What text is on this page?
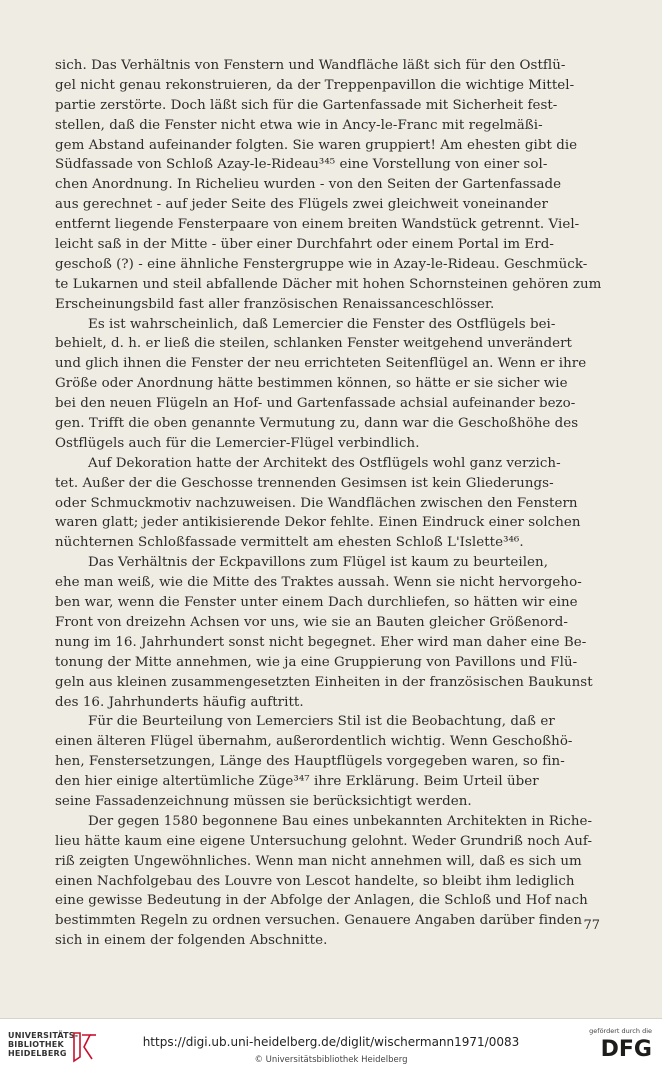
sich. Das Verhältnis von Fenstern und Wandfläche läßt sich für den Ostflü-
gel nicht genau rekonstruieren, da der Treppenpavillon die wichtige Mittel-
partie zerstörte. Doch läßt sich für die Gartenfassade mit Sicherheit fest-
stellen, daß die Fenster nicht etwa wie in Ancy-le-Franc mit regelmäßi-
gem Abstand aufeinander folgten. Sie waren gruppiert! Am ehesten gibt die
Südfassade von Schloß Azay-le-Rideau³⁴⁵ eine Vorstellung von einer sol-
chen Anordnung. In Richelieu wurden - von den Seiten der Gartenfassade
aus gerechnet - auf jeder Seite des Flügels zwei gleichweit voneinander
entfernt liegende Fensterpaare von einem breiten Wandstück getrennt. Viel-
leicht saß in der Mitte - über einer Durchfahrt oder einem Portal im Erd-
geschoß (?) - eine ähnliche Fenstergruppe wie in Azay-le-Rideau. Geschmück-
te Lukarnen und steil abfallende Dächer mit hohen Schornsteinen gehören zum
Erscheinungsbild fast aller französischen Renaissanceschlösser.
Es ist wahrscheinlich, daß Lemercier die Fenster des Ostflügels bei-
behielt, d. h. er ließ die steilen, schlanken Fenster weitgehend unverändert
und glich ihnen die Fenster der neu errichteten Seitenflügel an. Wenn er ihre
Größe oder Anordnung hätte bestimmen können, so hätte er sie sicher wie
bei den neuen Flügeln an Hof- und Gartenfassade achsial aufeinander bezo-
gen. Trifft die oben genannte Vermutung zu, dann war die Geschoßhöhe des
Ostflügels auch für die Lemercier-Flügel verbindlich.
Auf Dekoration hatte der Architekt des Ostflügels wohl ganz verzich-
tet. Außer der die Geschosse trennenden Gesimsen ist kein Gliederungs-
oder Schmuckmotiv nachzuweisen. Die Wandflächen zwischen den Fenstern
waren glatt; jeder antikisierende Dekor fehlte. Einen Eindruck einer solchen
nüchternen Schloßfassade vermittelt am ehesten Schloß L'Islette³⁴⁶.
Das Verhältnis der Eckpavillons zum Flügel ist kaum zu beurteilen,
ehe man weiß, wie die Mitte des Traktes aussah. Wenn sie nicht hervorgeho-
ben war, wenn die Fenster unter einem Dach durchliefen, so hätten wir eine
Front von dreizehn Achsen vor uns, wie sie an Bauten gleicher Größenord-
nung im 16. Jahrhundert sonst nicht begegnet. Eher wird man daher eine Be-
tonung der Mitte annehmen, wie ja eine Gruppierung von Pavillons und Flü-
geln aus kleinen zusammengesetzten Einheiten in der französischen Baukunst
des 16. Jahrhunderts häufig auftritt.
Für die Beurteilung von Lemerciers Stil ist die Beobachtung, daß er
einen älteren Flügel übernahm, außerordentlich wichtig. Wenn Geschoßhö-
hen, Fenstersetzungen, Länge des Hauptflügels vorgegeben waren, so fin-
den hier einige altertümliche Züge³⁴⁷ ihre Erklärung. Beim Urteil über
seine Fassadenzeichnung müssen sie berücksichtigt werden.
Der gegen 1580 begonnene Bau eines unbekannten Architekten in Riche-
lieu hätte kaum eine eigene Untersuchung gelohnt. Weder Grundriß noch Auf-
riß zeigten Ungewöhnliches. Wenn man nicht annehmen will, daß es sich um
einen Nachfolgebau des Louvre von Lescot handelte, so bleibt ihm lediglich
eine gewisse Bedeutung in der Abfolge der Anlagen, die Schloß und Hof nach
bestimmten Regeln zu ordnen versuchen. Genauere Angaben darüber finden
sich in einem der folgenden Abschnitte.
77
UNIVERSITÄTS-
BIBLIOTHEK
HEIDELBERG
https://digi.ub.uni-heidelberg.de/diglit/wischermann1971/0083
© Universitätsbibliothek Heidelberg
gefördert durch die
DFG
